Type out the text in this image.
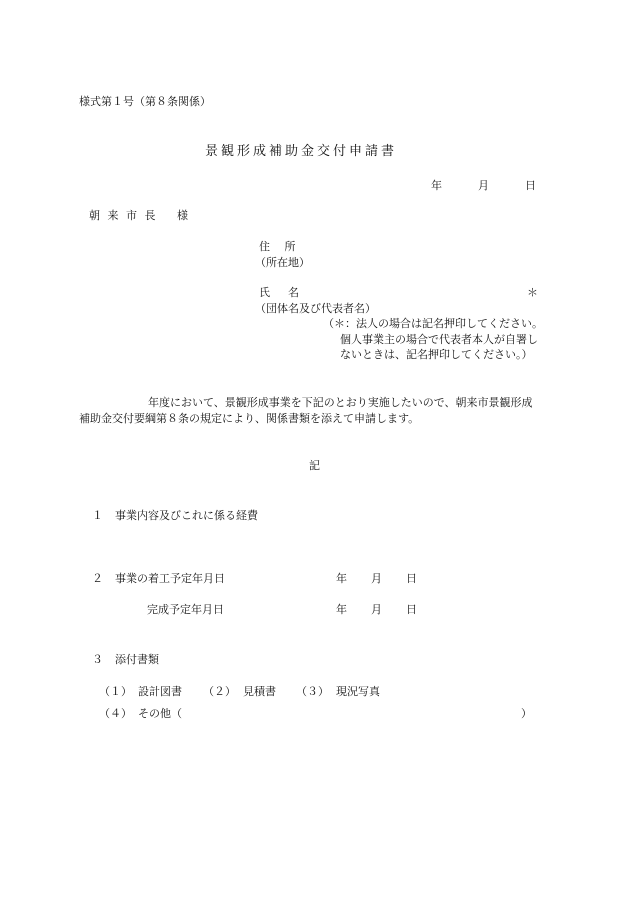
様式第１号（第８条関係）
景観形成補助金交付申請書
年	月	日
朝 来 市 長 様
住　 所
（所在地）
氏 　 名	＊
（団体名及び代表者名）
（＊：法人の場合は記名押印してください。
個人事業主の場合で代表者本人が自署し
ないときは、記名押印してください。）
年度において、景観形成事業を下記のとおり実施したいので、朝来市景観形成
補助金交付要綱第８条の規定により、関係書類を添えて申請します。
記
１ 事業内容及びこれに係る経費
２ 事業の着工予定年月日	年 月 日
完成予定年月日	年 月 日
３ 添付書類
（１） 設計図書 （２） 見積書 （３） 現況写真
（４） その他（	）
